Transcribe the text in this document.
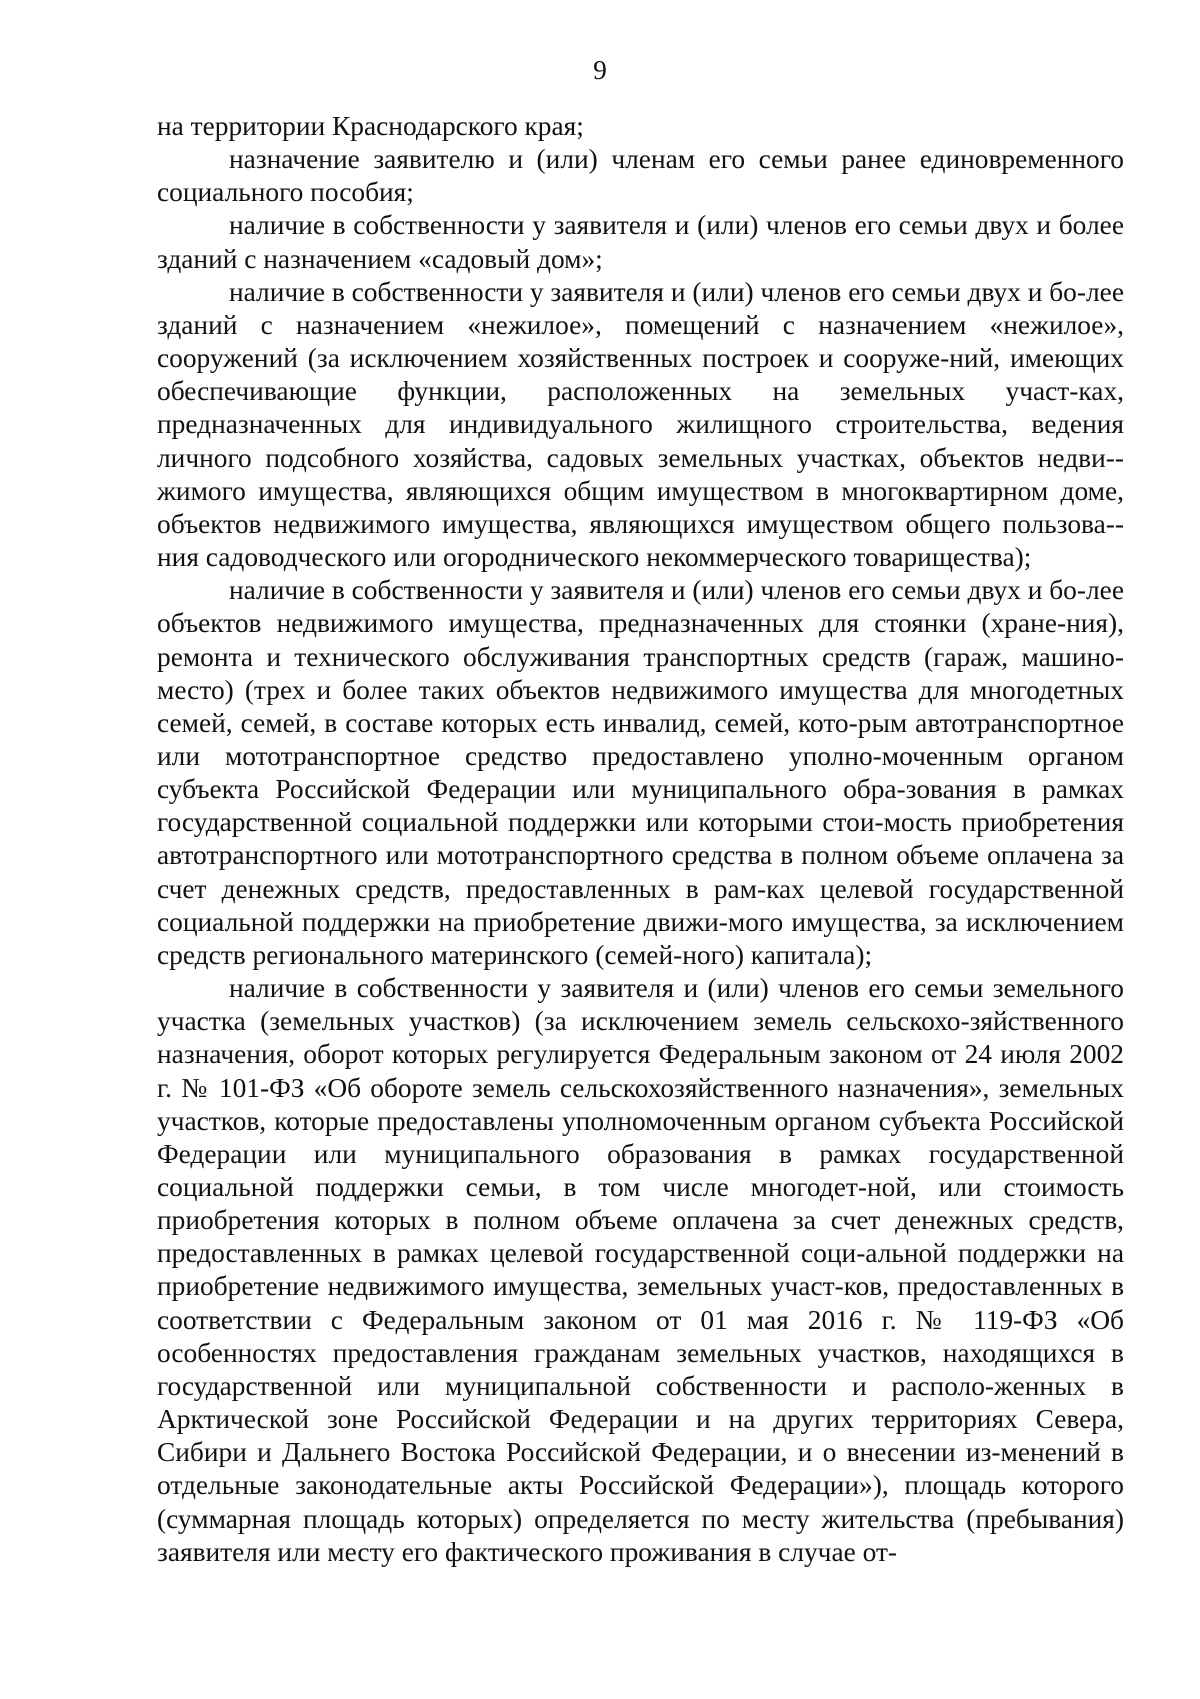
9

на территории Краснодарского края;

назначение заявителю и (или) членам его семьи ранее единовременного социального пособия;

наличие в собственности у заявителя и (или) членов его семьи двух и более зданий с назначением «садовый дом»;

наличие в собственности у заявителя и (или) членов его семьи двух и бо-лее зданий с назначением «нежилое», помещений с назначением «нежилое», сооружений (за исключением хозяйственных построек и сооруже-ний, имеющих обеспечивающие функции, расположенных на земельных участ-ках, предназначенных для индивидуального жилищного строительства, ведения личного подсобного хозяйства, садовых земельных участках, объектов недви-жимого имущества, являющихся общим имуществом в многоквартирном доме, объектов недвижимого имущества, являющихся имуществом общего пользова-ния садоводческого или огороднического некоммерческого товарищества);

наличие в собственности у заявителя и (или) членов его семьи двух и бо-лее объектов недвижимого имущества, предназначенных для стоянки (хране-ния), ремонта и технического обслуживания транспортных средств (гараж, машино-место) (трех и более таких объектов недвижимого имущества для многодетных семей, семей, в составе которых есть инвалид, семей, кото-рым автотранспортное или мототранспортное средство предоставлено уполно-моченным органом субъекта Российской Федерации или муниципального обра-зования в рамках государственной социальной поддержки или которыми стои-мость приобретения автотранспортного или мототранспортного средства в полном объеме оплачена за счет денежных средств, предоставленных в рам-ках целевой государственной социальной поддержки на приобретение движи-мого имущества, за исключением средств регионального материнского (семей-ного) капитала);

наличие в собственности у заявителя и (или) членов его семьи земельного участка (земельных участков) (за исключением земель сельскохо-зяйственного назначения, оборот которых регулируется Федеральным законом от 24 июля 2002 г. № 101-ФЗ «Об обороте земель сельскохозяйственного назначения», земельных участков, которые предоставлены уполномоченным органом субъекта Российской Федерации или муниципального образования в рамках государственной социальной поддержки семьи, в том числе многодет-ной, или стоимость приобретения которых в полном объеме оплачена за счет денежных средств, предоставленных в рамках целевой государственной соци-альной поддержки на приобретение недвижимого имущества, земельных участ-ков, предоставленных в соответствии с Федеральным законом от 01 мая 2016 г. № 119-ФЗ «Об особенностях предоставления гражданам земельных участков, находящихся в государственной или муниципальной собственности и располо-женных в Арктической зоне Российской Федерации и на других территориях Севера, Сибири и Дальнего Востока Российской Федерации, и о внесении из-менений в отдельные законодательные акты Российской Федерации»), площадь которого (суммарная площадь которых) определяется по месту жительства (пребывания) заявителя или месту его фактического проживания в случае от-
